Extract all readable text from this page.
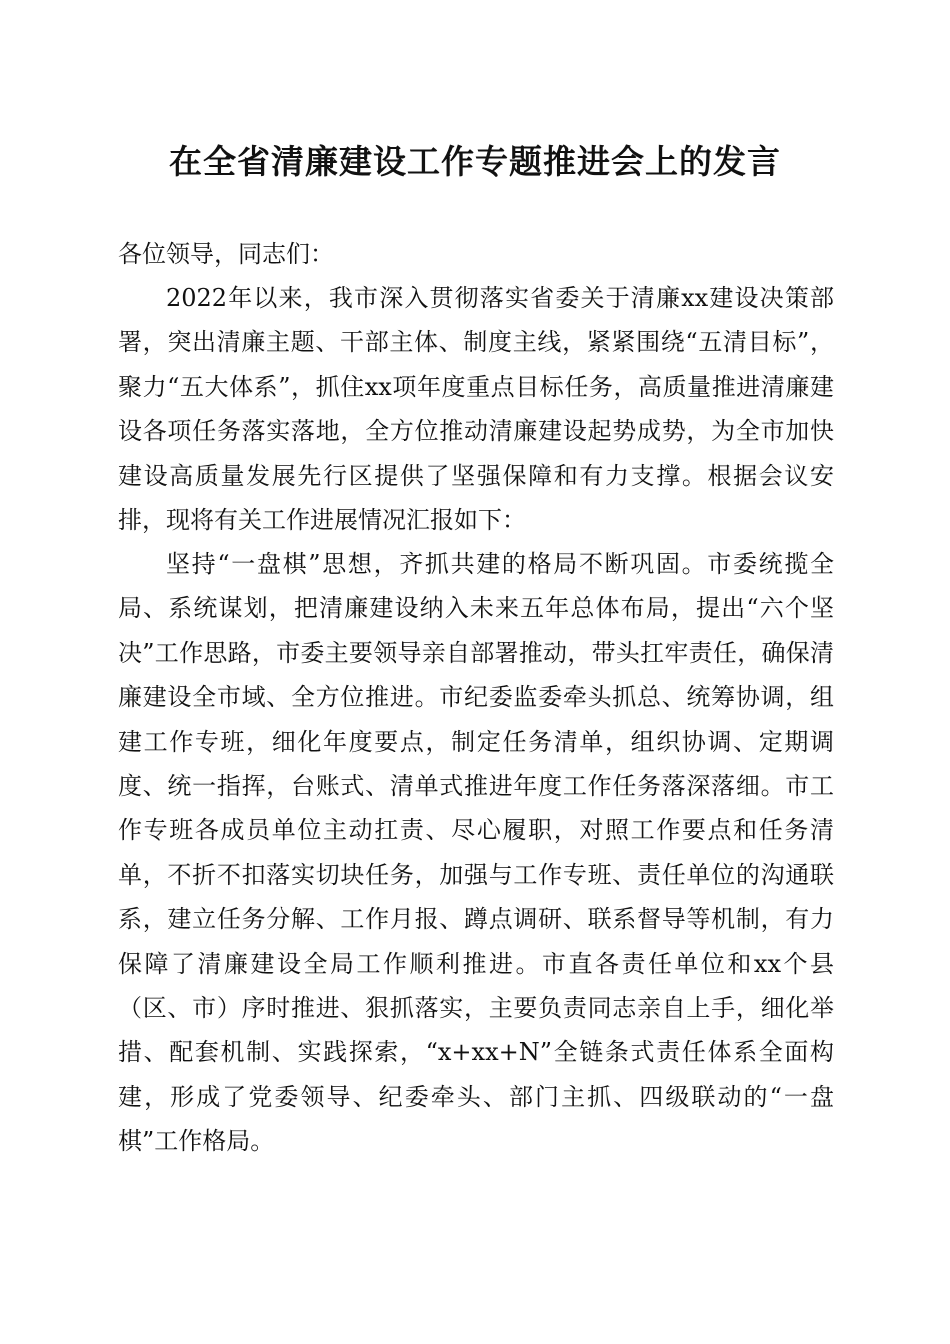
在全省清廉建设工作专题推进会上的发言

各位领导，同志们：

2022年以来，我市深入贯彻落实省委关于清廉xx建设决策部署，突出清廉主题、干部主体、制度主线，紧紧围绕“五清目标”，聚力“五大体系”，抓住xx项年度重点目标任务，高质量推进清廉建设各项任务落实落地，全方位推动清廉建设起势成势，为全市加快建设高质量发展先行区提供了坚强保障和有力支撑。根据会议安排，现将有关工作进展情况汇报如下：

坚持“一盘棋”思想，齐抓共建的格局不断巩固。市委统揽全局、系统谋划，把清廉建设纳入未来五年总体布局，提出“六个坚决”工作思路，市委主要领导亲自部署推动，带头扛牢责任，确保清廉建设全市域、全方位推进。市纪委监委牵头抓总、统筹协调，组建工作专班，细化年度要点，制定任务清单，组织协调、定期调度、统一指挥，台账式、清单式推进年度工作任务落深落细。市工作专班各成员单位主动扛责、尽心履职，对照工作要点和任务清单，不折不扣落实切块任务，加强与工作专班、责任单位的沟通联系，建立任务分解、工作月报、蹲点调研、联系督导等机制，有力保障了清廉建设全局工作顺利推进。市直各责任单位和xx个县（区、市）序时推进、狠抓落实，主要负责同志亲自上手，细化举措、配套机制、实践探索，“x+xx+N”全链条式责任体系全面构建，形成了党委领导、纪委牵头、部门主抓、四级联动的“一盘棋”工作格局。
